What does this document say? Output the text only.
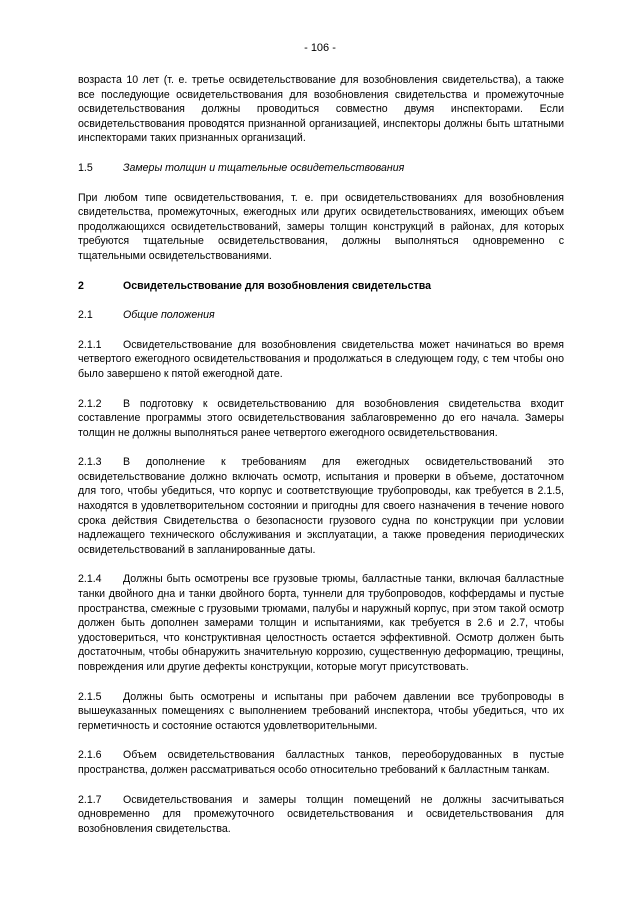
- 106 -

возраста 10 лет (т. е. третье освидетельствование для возобновления свидетельства), а также все последующие освидетельствования для возобновления свидетельства и промежуточные освидетельствования должны проводиться совместно двумя инспекторами. Если освидетельствования проводятся признанной организацией, инспекторы должны быть штатными инспекторами таких признанных организаций.

1.5	Замеры толщин и тщательные освидетельствования

При любом типе освидетельствования, т. е. при освидетельствованиях для возобновления свидетельства, промежуточных, ежегодных или других освидетельствованиях, имеющих объем продолжающихся освидетельствований, замеры толщин конструкций в районах, для которых требуются тщательные освидетельствования, должны выполняться одновременно с тщательными освидетельствованиями.

2	Освидетельствование для возобновления свидетельства
2.1	Общие положения

2.1.1 Освидетельствование для возобновления свидетельства может начинаться во время четвертого ежегодного освидетельствования и продолжаться в следующем году, с тем чтобы оно было завершено к пятой ежегодной дате.

2.1.2 В подготовку к освидетельствованию для возобновления свидетельства входит составление программы этого освидетельствования заблаговременно до его начала. Замеры толщин не должны выполняться ранее четвертого ежегодного освидетельствования.

2.1.3 В дополнение к требованиям для ежегодных освидетельствований это освидетельствование должно включать осмотр, испытания и проверки в объеме, достаточном для того, чтобы убедиться, что корпус и соответствующие трубопроводы, как требуется в 2.1.5, находятся в удовлетворительном состоянии и пригодны для своего назначения в течение нового срока действия Свидетельства о безопасности грузового судна по конструкции при условии надлежащего технического обслуживания и эксплуатации, а также проведения периодических освидетельствований в запланированные даты.

2.1.4 Должны быть осмотрены все грузовые трюмы, балластные танки, включая балластные танки двойного дна и танки двойного борта, туннели для трубопроводов, коффердамы и пустые пространства, смежные с грузовыми трюмами, палубы и наружный корпус, при этом такой осмотр должен быть дополнен замерами толщин и испытаниями, как требуется в 2.6 и 2.7, чтобы удостовериться, что конструктивная целостность остается эффективной. Осмотр должен быть достаточным, чтобы обнаружить значительную коррозию, существенную деформацию, трещины, повреждения или другие дефекты конструкции, которые могут присутствовать.

2.1.5 Должны быть осмотрены и испытаны при рабочем давлении все трубопроводы в вышеуказанных помещениях с выполнением требований инспектора, чтобы убедиться, что их герметичность и состояние остаются удовлетворительными.

2.1.6 Объем освидетельствования балластных танков, переоборудованных в пустые пространства, должен рассматриваться особо относительно требований к балластным танкам.

2.1.7 Освидетельствования и замеры толщин помещений не должны засчитываться одновременно для промежуточного освидетельствования и освидетельствования для возобновления свидетельства.
